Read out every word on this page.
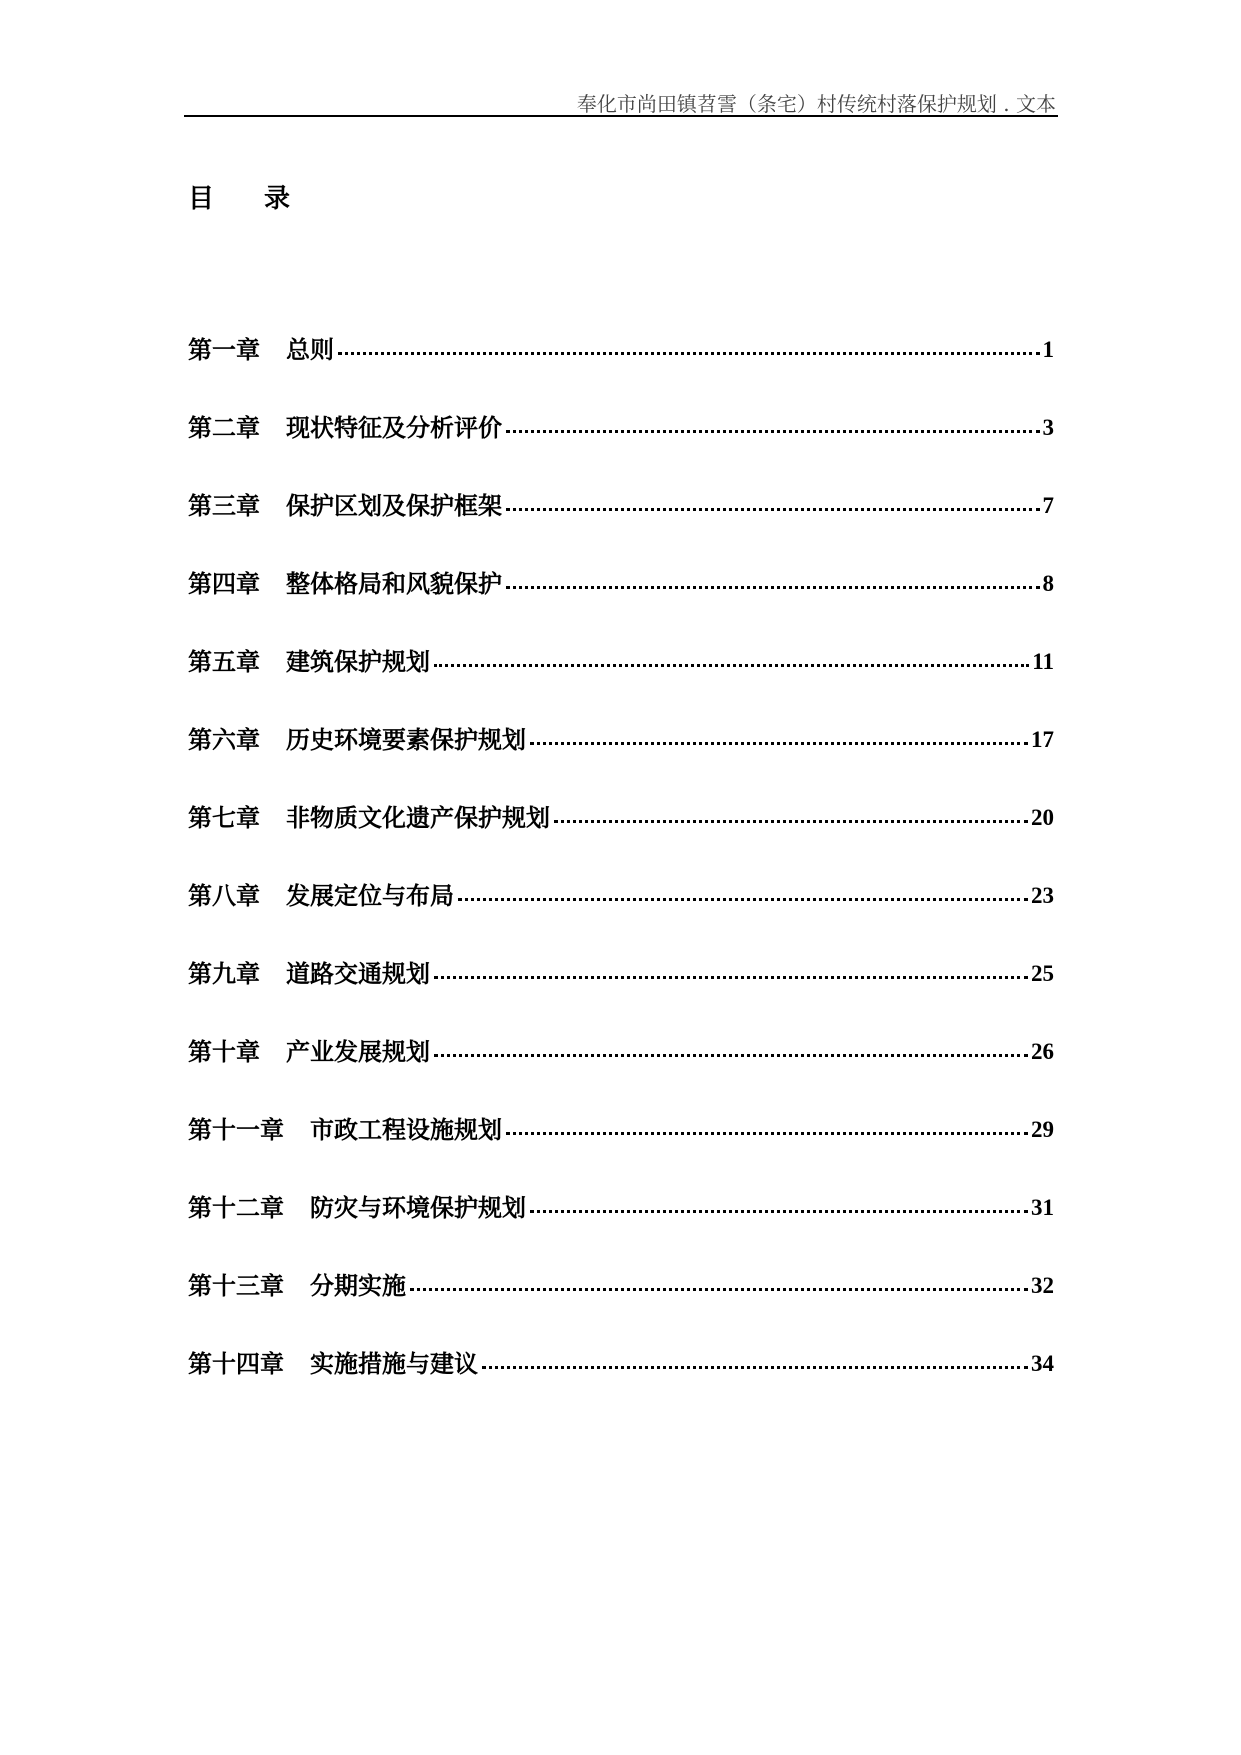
奉化市尚田镇苕霅（条宅）村传统村落保护规划 . 文本
目 录
第一章 总则	1
第二章 现状特征及分析评价	3
第三章 保护区划及保护框架	7
第四章 整体格局和风貌保护	8
第五章 建筑保护规划	11
第六章 历史环境要素保护规划	17
第七章 非物质文化遗产保护规划	20
第八章 发展定位与布局	23
第九章 道路交通规划	25
第十章 产业发展规划	26
第十一章 市政工程设施规划	29
第十二章 防灾与环境保护规划	31
第十三章 分期实施	32
第十四章 实施措施与建议	34
